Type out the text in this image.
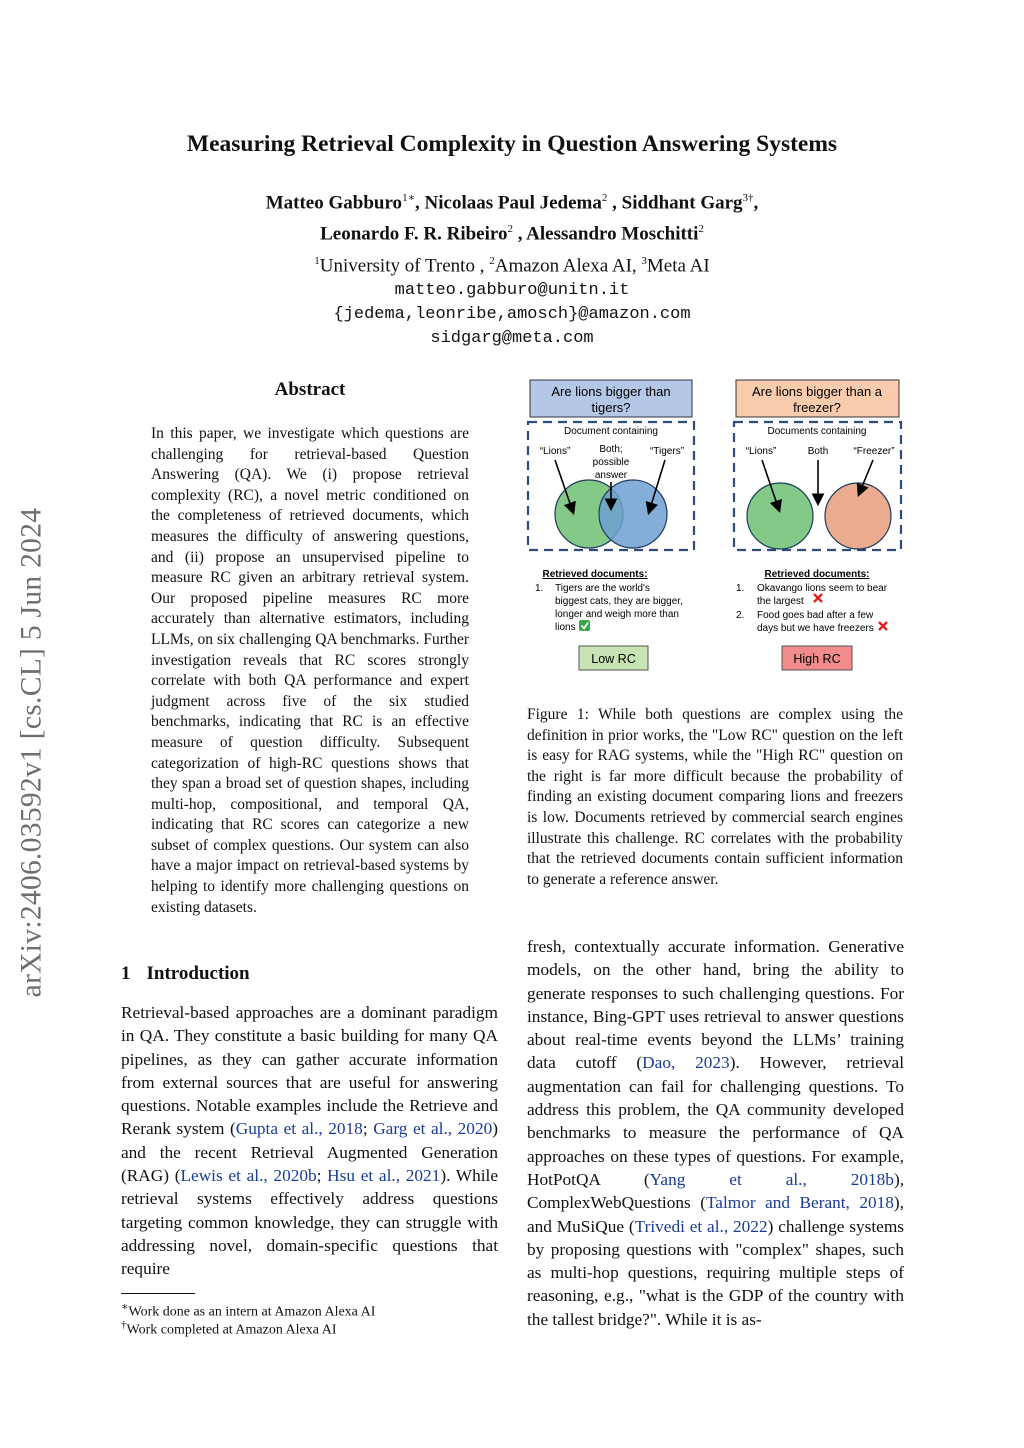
arXiv:2406.03592v1 [cs.CL] 5 Jun 2024
Measuring Retrieval Complexity in Question Answering Systems
Matteo Gabburo$^{1∗}$, Nicolaas Paul Jedema$^2$ , Siddhant Garg$^{3\dagger}$,
Leonardo F. R. Ribeiro$^2$ , Alessandro Moschitti$^2$
$^1$University of Trento , $^2$Amazon Alexa AI, $^3$Meta AI
matteo.gabburo@unitn.it
{jedema,leonribe,amosch}@amazon.com
sidgarg@meta.com
Abstract
In this paper, we investigate which questions are challenging for retrieval-based Question Answering (QA). We (i) propose retrieval complexity (RC), a novel metric conditioned on the completeness of retrieved documents, which measures the difficulty of answering questions, and (ii) propose an unsupervised pipeline to measure RC given an arbitrary retrieval system. Our proposed pipeline measures RC more accurately than alternative estimators, including LLMs, on six challenging QA benchmarks. Further investigation reveals that RC scores strongly correlate with both QA performance and expert judgment across five of the six studied benchmarks, indicating that RC is an effective measure of question difficulty. Subsequent categorization of high-RC questions shows that they span a broad set of question shapes, including multi-hop, compositional, and temporal QA, indicating that RC scores can categorize a new subset of complex questions. Our system can also have a major impact on retrieval-based systems by helping to identify more challenging questions on existing datasets.
1 Introduction
Retrieval-based approaches are a dominant paradigm in QA. They constitute a basic building for many QA pipelines, as they can gather accurate information from external sources that are useful for answering questions. Notable examples include the Retrieve and Rerank system (Gupta et al., 2018; Garg et al., 2020) and the recent Retrieval Augmented Generation (RAG) (Lewis et al., 2020b; Hsu et al., 2021). While retrieval systems effectively address questions targeting common knowledge, they can struggle with addressing novel, domain-specific questions that require
∗Work done as an intern at Amazon Alexa AI
†Work completed at Amazon Alexa AI
Are lions bigger than
tigers?
Document containing
“Lions”	Both;
possible
answer
“Tigers”
Retrieved documents:
1. Tigers are the world's
biggest cats, they are bigger,
longer and weigh more than
lions
Low RC
Are lions bigger than a
freezer?
Documents containing
“Lions”	Both	“Freezer”
Retrieved documents:
1. Okavango lions seem to bear
the largest
2. Food goes bad after a few
days but we have freezers
High RC
Figure 1: While both questions are complex using the definition in prior works, the "Low RC" question on the left is easy for RAG systems, while the "High RC" question on the right is far more difficult because the probability of finding an existing document comparing lions and freezers is low. Documents retrieved by commercial search engines illustrate this challenge. RC correlates with the probability that the retrieved documents contain sufficient information to generate a reference answer.
fresh, contextually accurate information. Generative models, on the other hand, bring the ability to generate responses to such challenging questions. For instance, Bing-GPT uses retrieval to answer questions about real-time events beyond the LLMs’ training data cutoff (Dao, 2023). However, retrieval augmentation can fail for challenging questions. To address this problem, the QA community developed benchmarks to measure the performance of QA approaches on these types of questions. For example, HotPotQA (Yang et al., 2018b), ComplexWebQuestions (Talmor and Berant, 2018), and MuSiQue (Trivedi et al., 2022) challenge systems by proposing questions with "complex" shapes, such as multi-hop questions, requiring multiple steps of reasoning, e.g., "what is the GDP of the country with the tallest bridge?". While it is as-
